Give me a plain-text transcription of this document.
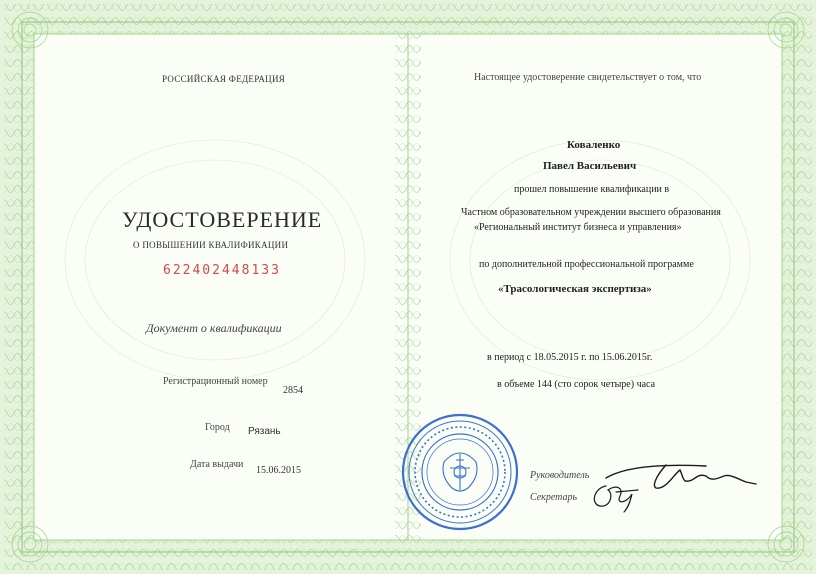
РОССИЙСКАЯ ФЕДЕРАЦИЯ
УДОСТОВЕРЕНИЕ
О ПОВЫШЕНИИ КВАЛИФИКАЦИИ
622402448133
Документ о квалификации
Регистрационный номер
2854
Город Рязань
Дата выдачи
15.06.2015
Настоящее удостоверение свидетельствует о том, что
Коваленко
Павел Васильевич
прошел повышение квалификации в
Частном образовательном учреждении высшего образования
«Региональный институт бизнеса и управления»
по дополнительной профессиональной программе
«Трасологическая экспертиза»
в период с 18.05.2015 г. по 15.06.2015г.
в объеме 144 (сто сорок четыре) часа
Руководитель
Секретарь
